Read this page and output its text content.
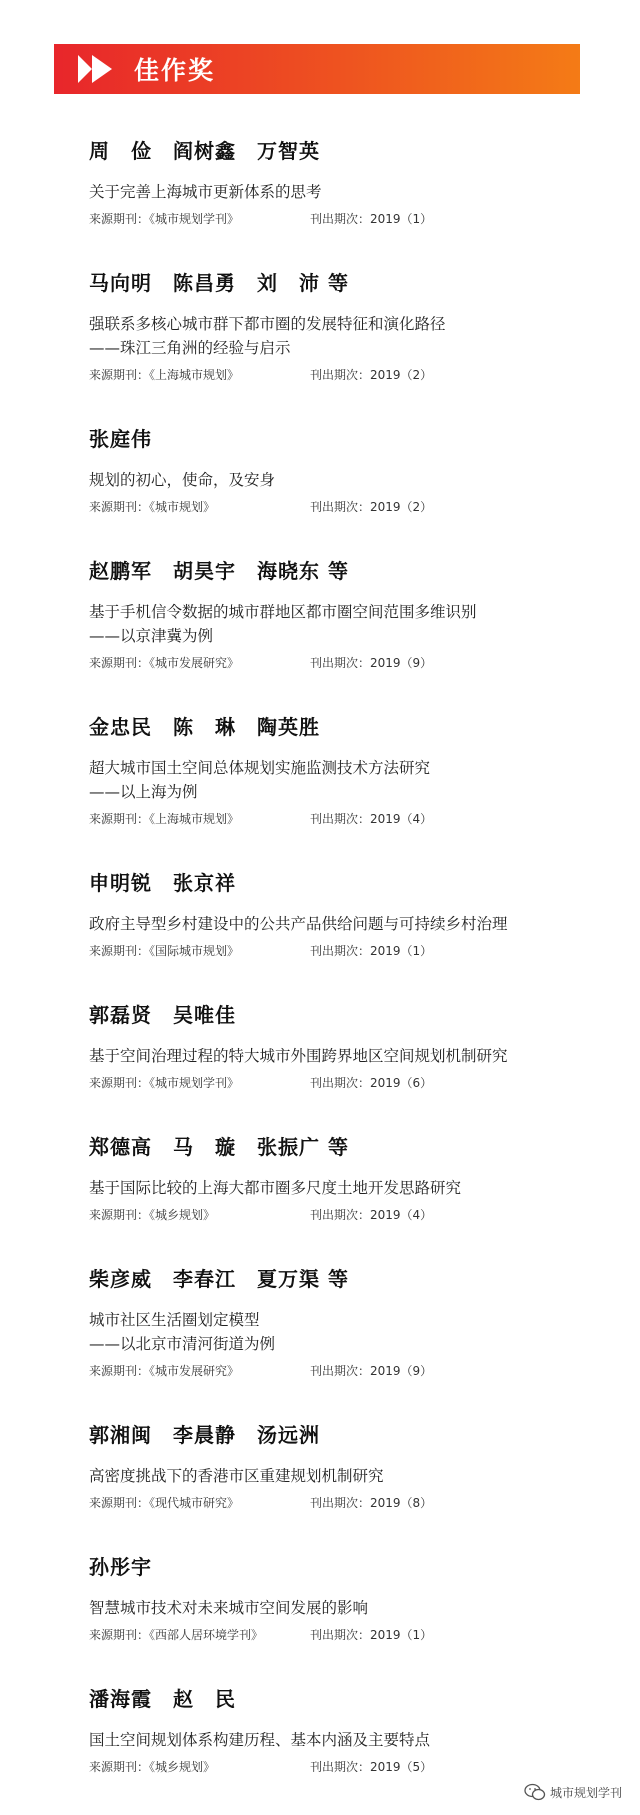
佳作奖
周　俭　阎树鑫　万智英
关于完善上海城市更新体系的思考
来源期刊：《城市规划学刊》	刊出期次：2019（1）
马向明　陈昌勇　刘　沛 等
强联系多核心城市群下都市圈的发展特征和演化路径
——珠江三角洲的经验与启示
来源期刊：《上海城市规划》	刊出期次：2019（2）
张庭伟
规划的初心，使命，及安身
来源期刊：《城市规划》	刊出期次：2019（2）
赵鹏军　胡昊宇　海晓东 等
基于手机信令数据的城市群地区都市圈空间范围多维识别
——以京津冀为例
来源期刊：《城市发展研究》	刊出期次：2019（9）
金忠民　陈　琳　陶英胜
超大城市国土空间总体规划实施监测技术方法研究
——以上海为例
来源期刊：《上海城市规划》	刊出期次：2019（4）
申明锐　张京祥
政府主导型乡村建设中的公共产品供给问题与可持续乡村治理
来源期刊：《国际城市规划》	刊出期次：2019（1）
郭磊贤　吴唯佳
基于空间治理过程的特大城市外围跨界地区空间规划机制研究
来源期刊：《城市规划学刊》	刊出期次：2019（6）
郑德高　马　璇　张振广 等
基于国际比较的上海大都市圈多尺度土地开发思路研究
来源期刊：《城乡规划》	刊出期次：2019（4）
柴彦威　李春江　夏万渠 等
城市社区生活圈划定模型
——以北京市清河街道为例
来源期刊：《城市发展研究》	刊出期次：2019（9）
郭湘闽　李晨静　汤远洲
高密度挑战下的香港市区重建规划机制研究
来源期刊：《现代城市研究》	刊出期次：2019（8）
孙彤宇
智慧城市技术对未来城市空间发展的影响
来源期刊：《西部人居环境学刊》	刊出期次：2019（1）
潘海霞　赵　民
国土空间规划体系构建历程、基本内涵及主要特点
来源期刊：《城乡规划》	刊出期次：2019（5）
城市规划学刊
